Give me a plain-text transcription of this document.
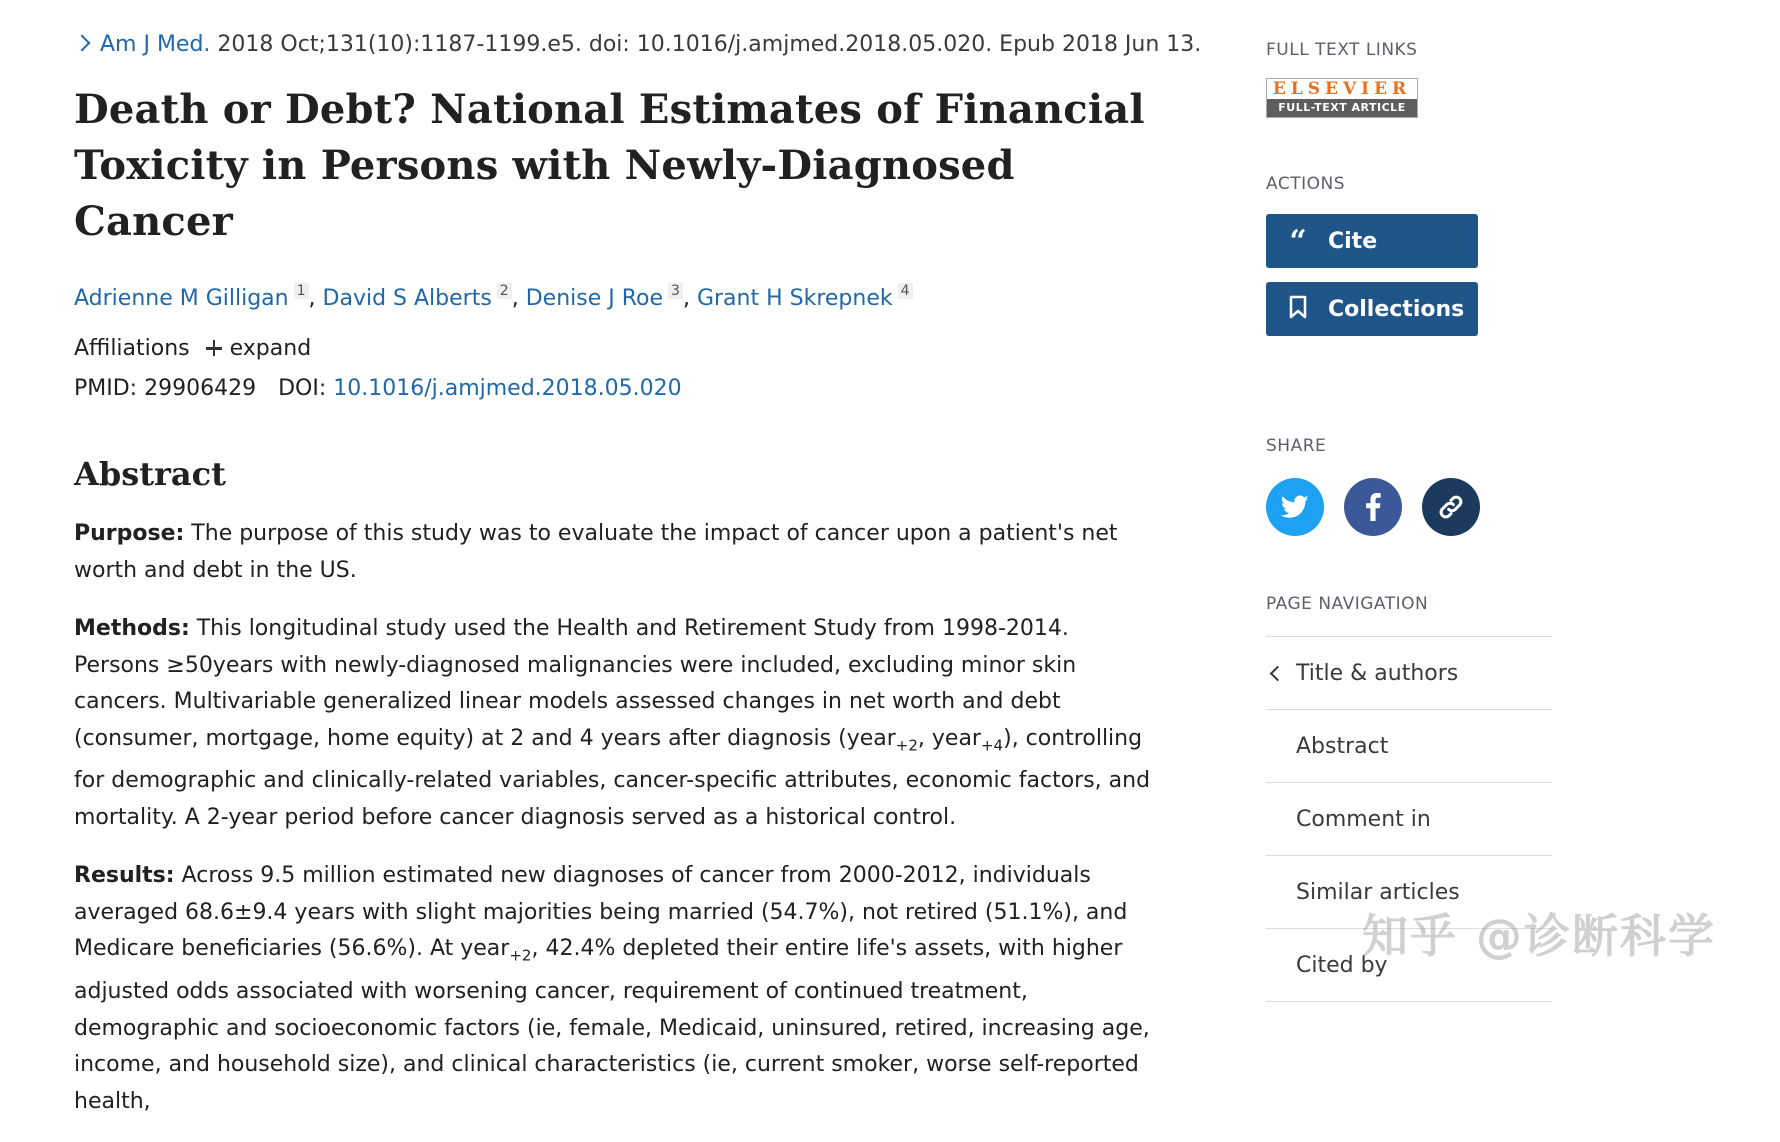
Am J Med. 2018 Oct;131(10):1187-1199.e5. doi: 10.1016/j.amjmed.2018.05.020. Epub 2018 Jun 13.
Death or Debt? National Estimates of Financial Toxicity in Persons with Newly-Diagnosed Cancer
Adrienne M Gilligan $^1$ , David S Alberts $^2$ , Denise J Roe $^3$ , Grant H Skrepnek $^4$
Affiliations expand
PMID: 29906429 DOI: 10.1016/j.amjmed.2018.05.020
Abstract

Purpose: The purpose of this study was to evaluate the impact of cancer upon a patient's net worth and debt in the US.

Methods: This longitudinal study used the Health and Retirement Study from 1998-2014. Persons ≥50years with newly-diagnosed malignancies were included, excluding minor skin cancers. Multivariable generalized linear models assessed changes in net worth and debt (consumer, mortgage, home equity) at 2 and 4 years after diagnosis (year$_{+2}$, year$_{+4}$), controlling for demographic and clinically-related variables, cancer-specific attributes, economic factors, and mortality. A 2-year period before cancer diagnosis served as a historical control.

Results: Across 9.5 million estimated new diagnoses of cancer from 2000-2012, individuals averaged 68.6±9.4 years with slight majorities being married (54.7%), not retired (51.1%), and Medicare beneficiaries (56.6%). At year$_{+2}$, 42.4% depleted their entire life's assets, with higher adjusted odds associated with worsening cancer, requirement of continued treatment, demographic and socioeconomic factors (ie, female, Medicaid, uninsured, retired, increasing age, income, and household size), and clinical characteristics (ie, current smoker, worse self-reported health,

FULL TEXT LINKS
ELSEVIER
FULL-TEXT ARTICLE
ACTIONS
“ Cite
Collections
SHARE
PAGE NAVIGATION
Title & authors
Abstract
Comment in
Similar articles
Cited by
知乎 @诊断科学
